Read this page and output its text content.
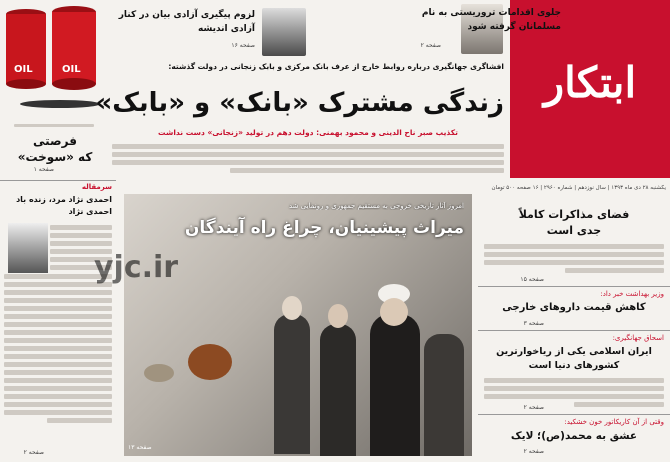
ابتکار
یکشنبه ۲۸ دی ماه ۱۳۹۳ | سال نوزدهم | شماره ۲۹۶۰ | ۱۶ صفحه ۵۰۰ تومان
جلوی اقدامات تروریستی به نام
مسلمانان گرفته شود
صفحه ۲
لزوم پیگیری آزادی بیان در کنار
آزادی اندیشه
صفحه ۱۶
OIL	OIL
فرصتی
که «سوخت»
صفحه ۱
افشاگری جهانگیری درباره روابط خارج از عرف بانک مرکزی و بابک زنجانی در دولت گذشته:
زندگی مشترک «بانک» و «بابک»
تکذیب صبر ناح الدینی و محمود بهمنی: دولت دهم در تولید «زنجانی» دست نداشت
سرمقاله
احمدی نژاد مرد، زنده باد
احمدی نژاد
صفحه ۲
امروز آثار تاریخی خروجی به مستقیم جمهوری و رونمایی شد
میراث پیشینیان، چراغ راه آیندگان
صفحه ۱۳
yjc.ir
فضای مذاکرات کاملاً
جدی است
صفحه ۱۵
وزیر بهداشت خبر داد:
کاهش قیمت داروهای خارجی
صفحه ۳
اسحاق جهانگیری:
ایران اسلامی یکی از ریاخوارترین
کشورهای دنیا است
صفحه ۲
وقتی از آن کاریکاتور خون خشکید:
عشق به محمد(ص)؛ لایک
صفحه ۲
